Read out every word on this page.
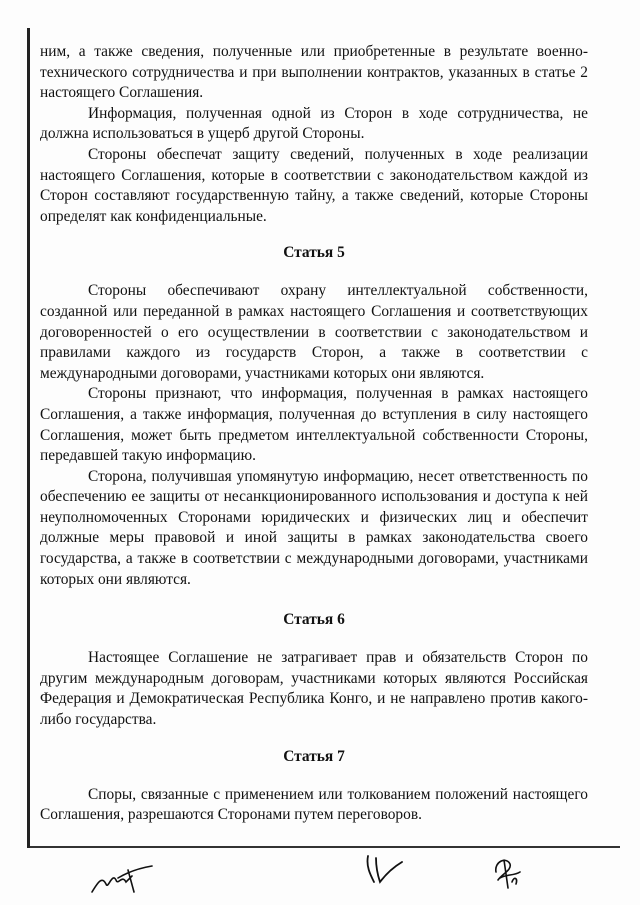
ним, а также сведения, полученные или приобретенные в результате военно-технического сотрудничества и при выполнении контрактов, указанных в статье 2 настоящего Соглашения.

Информация, полученная одной из Сторон в ходе сотрудничества, не должна использоваться в ущерб другой Стороны.

Стороны обеспечат защиту сведений, полученных в ходе реализации настоящего Соглашения, которые в соответствии с законодательством каждой из Сторон составляют государственную тайну, а также сведений, которые Стороны определят как конфиденциальные.

Статья 5

Стороны обеспечивают охрану интеллектуальной собственности, созданной или переданной в рамках настоящего Соглашения и соответствующих договоренностей о его осуществлении в соответствии с законодательством и правилами каждого из государств Сторон, а также в соответствии с международными договорами, участниками которых они являются.

Стороны признают, что информация, полученная в рамках настоящего Соглашения, а также информация, полученная до вступления в силу настоящего Соглашения, может быть предметом интеллектуальной собственности Стороны, передавшей такую информацию.

Сторона, получившая упомянутую информацию, несет ответственность по обеспечению ее защиты от несанкционированного использования и доступа к ней неуполномоченных Сторонами юридических и физических лиц и обеспечит должные меры правовой и иной защиты в рамках законодательства своего государства, а также в соответствии с международными договорами, участниками которых они являются.

Статья 6

Настоящее Соглашение не затрагивает прав и обязательств Сторон по другим международным договорам, участниками которых являются Российская Федерация и Демократическая Республика Конго, и не направлено против какого-либо государства.

Статья 7

Споры, связанные с применением или толкованием положений настоящего Соглашения, разрешаются Сторонами путем переговоров.
